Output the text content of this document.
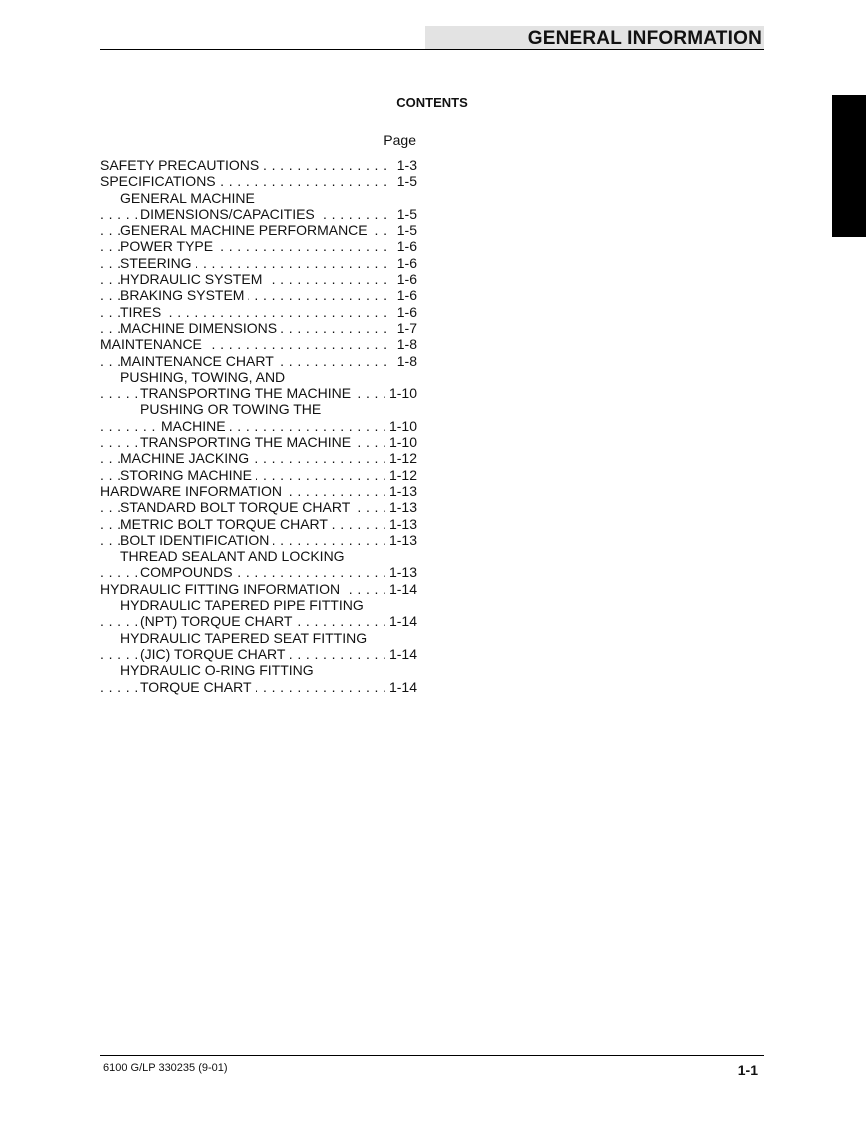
GENERAL INFORMATION
CONTENTS
Page
. . . SAFETY PRECAUTIONS	1-3
. . . SPECIFICATIONS	1-5
GENERAL MACHINE
. . . DIMENSIONS/CAPACITIES	1-5
. . . GENERAL MACHINE PERFORMANCE 1-5
. . . POWER TYPE	1-6
. . . STEERING	1-6
. . . HYDRAULIC SYSTEM	1-6
. . . BRAKING SYSTEM	1-6
. . . TIRES	1-6
. . . MACHINE DIMENSIONS	1-7
. . . MAINTENANCE	1-8
. . . MAINTENANCE CHART	1-8
PUSHING, TOWING, AND
. . . TRANSPORTING THE MACHINE	1-10
PUSHING OR TOWING THE
. . . MACHINE	1-10
. . . TRANSPORTING THE MACHINE	1-10
. . . MACHINE JACKING	1-12
. . . STORING MACHINE	1-12
. . . HARDWARE INFORMATION	1-13
. . . STANDARD BOLT TORQUE CHART	1-13
. . . METRIC BOLT TORQUE CHART	1-13
. . . BOLT IDENTIFICATION	1-13
THREAD SEALANT AND LOCKING
. . . COMPOUNDS	1-13
. . . HYDRAULIC FITTING INFORMATION	1-14
HYDRAULIC TAPERED PIPE FITTING
. . . (NPT) TORQUE CHART	1-14
HYDRAULIC TAPERED SEAT FITTING
. . . (JIC) TORQUE CHART	1-14
HYDRAULIC O-RING FITTING
. . . TORQUE CHART	1-14
6100 G/LP 330235 (9-01)	1-1
